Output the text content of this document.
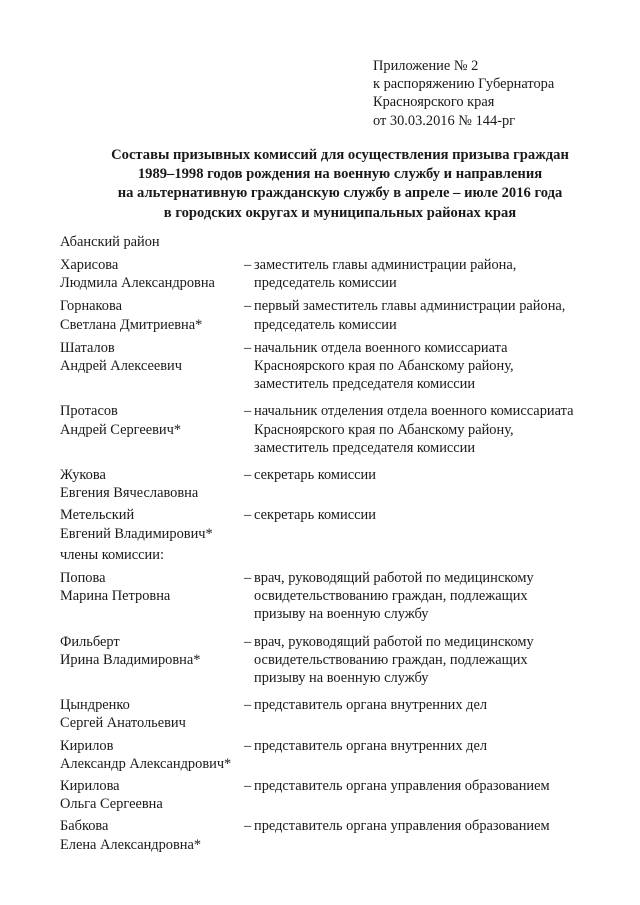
Приложение № 2
к распоряжению Губернатора
Красноярского края
от 30.03.2016 № 144-рг
Составы призывных комиссий для осуществления призыва граждан
1989–1998 годов рождения на военную службу и направления
на альтернативную гражданскую службу в апреле – июле 2016 года
в городских округах и муниципальных районах края
Абанский район
Харисова
Людмила Александровна
– заместитель главы администрации района,
председатель комиссии
Горнакова
Светлана Дмитриевна*
– первый заместитель главы администрации района,
председатель комиссии
Шаталов
Андрей Алексеевич
– начальник отдела военного комиссариата
Красноярского края по Абанскому району,
заместитель председателя комиссии
Протасов
Андрей Сергеевич*
– начальник отделения отдела военного комиссариата
Красноярского края по Абанскому району,
заместитель председателя комиссии
Жукова
Евгения Вячеславовна
– секретарь комиссии
Метельский
Евгений Владимирович*
– секретарь комиссии
члены комиссии:
Попова
Марина Петровна
– врач, руководящий работой по медицинскому
освидетельствованию граждан, подлежащих
призыву на военную службу
Фильберт
Ирина Владимировна*
– врач, руководящий работой по медицинскому
освидетельствованию граждан, подлежащих
призыву на военную службу
Цындренко
Сергей Анатольевич
– представитель органа внутренних дел
Кирилов
Александр Александрович*
– представитель органа внутренних дел
Кирилова
Ольга Сергеевна
– представитель органа управления образованием
Бабкова
Елена Александровна*
– представитель органа управления образованием
